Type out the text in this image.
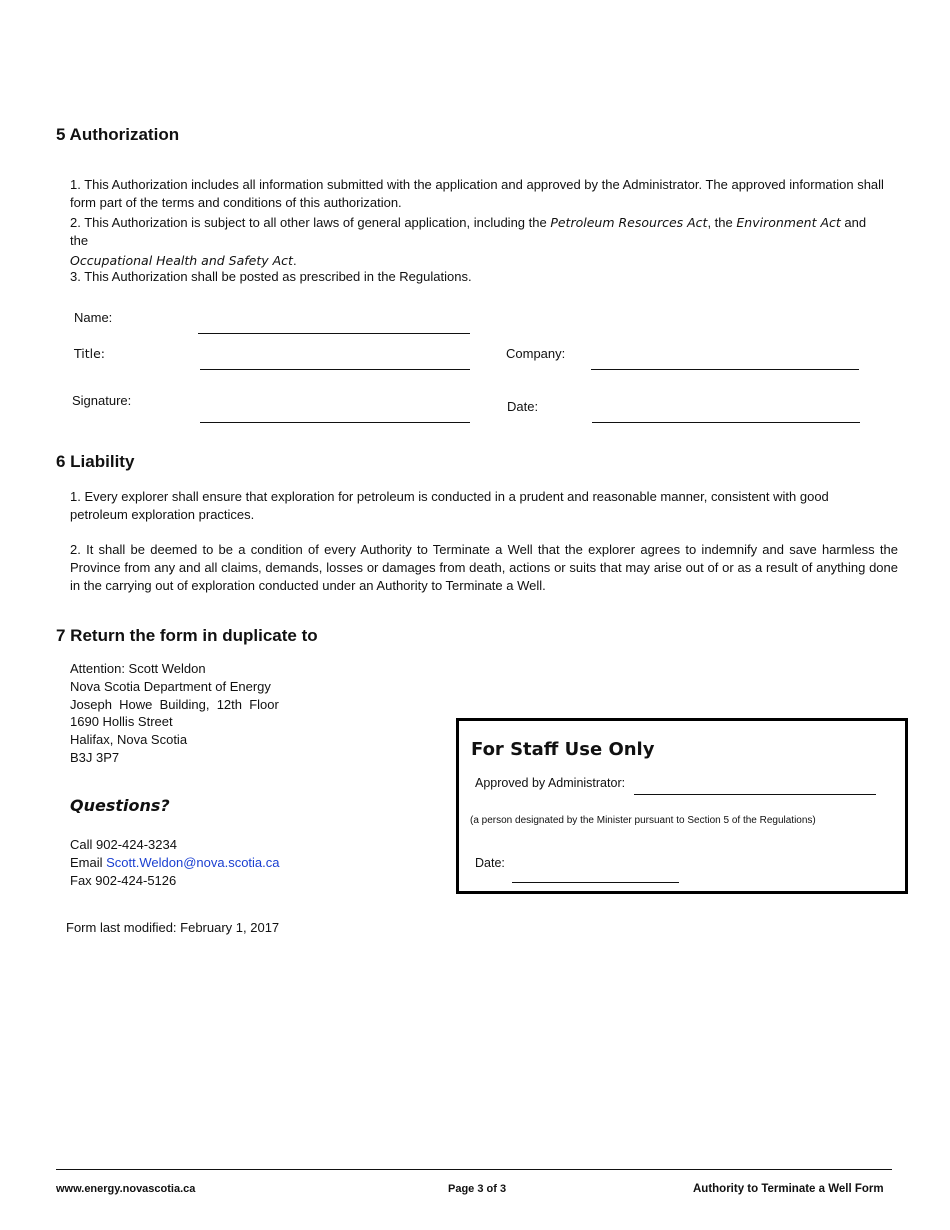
5 Authorization
1. This Authorization includes all information submitted with the application and approved by the Administrator. The approved information shall form part of the terms and conditions of this authorization.
2. This Authorization is subject to all other laws of general application, including the Petroleum Resources Act, the Environment Act and the
Occupational Health and Safety Act.
3. This Authorization shall be posted as prescribed in the Regulations.
Name:
Title:	Company:
Signature:	Date:
6 Liability
1. Every explorer shall ensure that exploration for petroleum is conducted in a prudent and reasonable manner, consistent with good petroleum exploration practices.
2. It shall be deemed to be a condition of every Authority to Terminate a Well that the explorer agrees to indemnify and save harmless the Province from any and all claims, demands, losses or damages from death, actions or suits that may arise out of or as a result of anything done in the carrying out of exploration conducted under an Authority to Terminate a Well.
7 Return the form in duplicate to
Attention: Scott Weldon
Nova Scotia Department of Energy
Joseph  Howe  Building,  12th  Floor
1690 Hollis Street
Halifax, Nova Scotia
B3J 3P7
Questions?
Call 902-424-3234
Email Scott.Weldon@nova.scotia.ca
Fax 902-424-5126
Form last modified: February 1, 2017
For Staff Use Only
Approved by Administrator:
(a person designated by the Minister pursuant to Section 5 of the Regulations)
Date:
www.energy.novascotia.ca	Page 3 of 3	Authority to Terminate a Well Form
